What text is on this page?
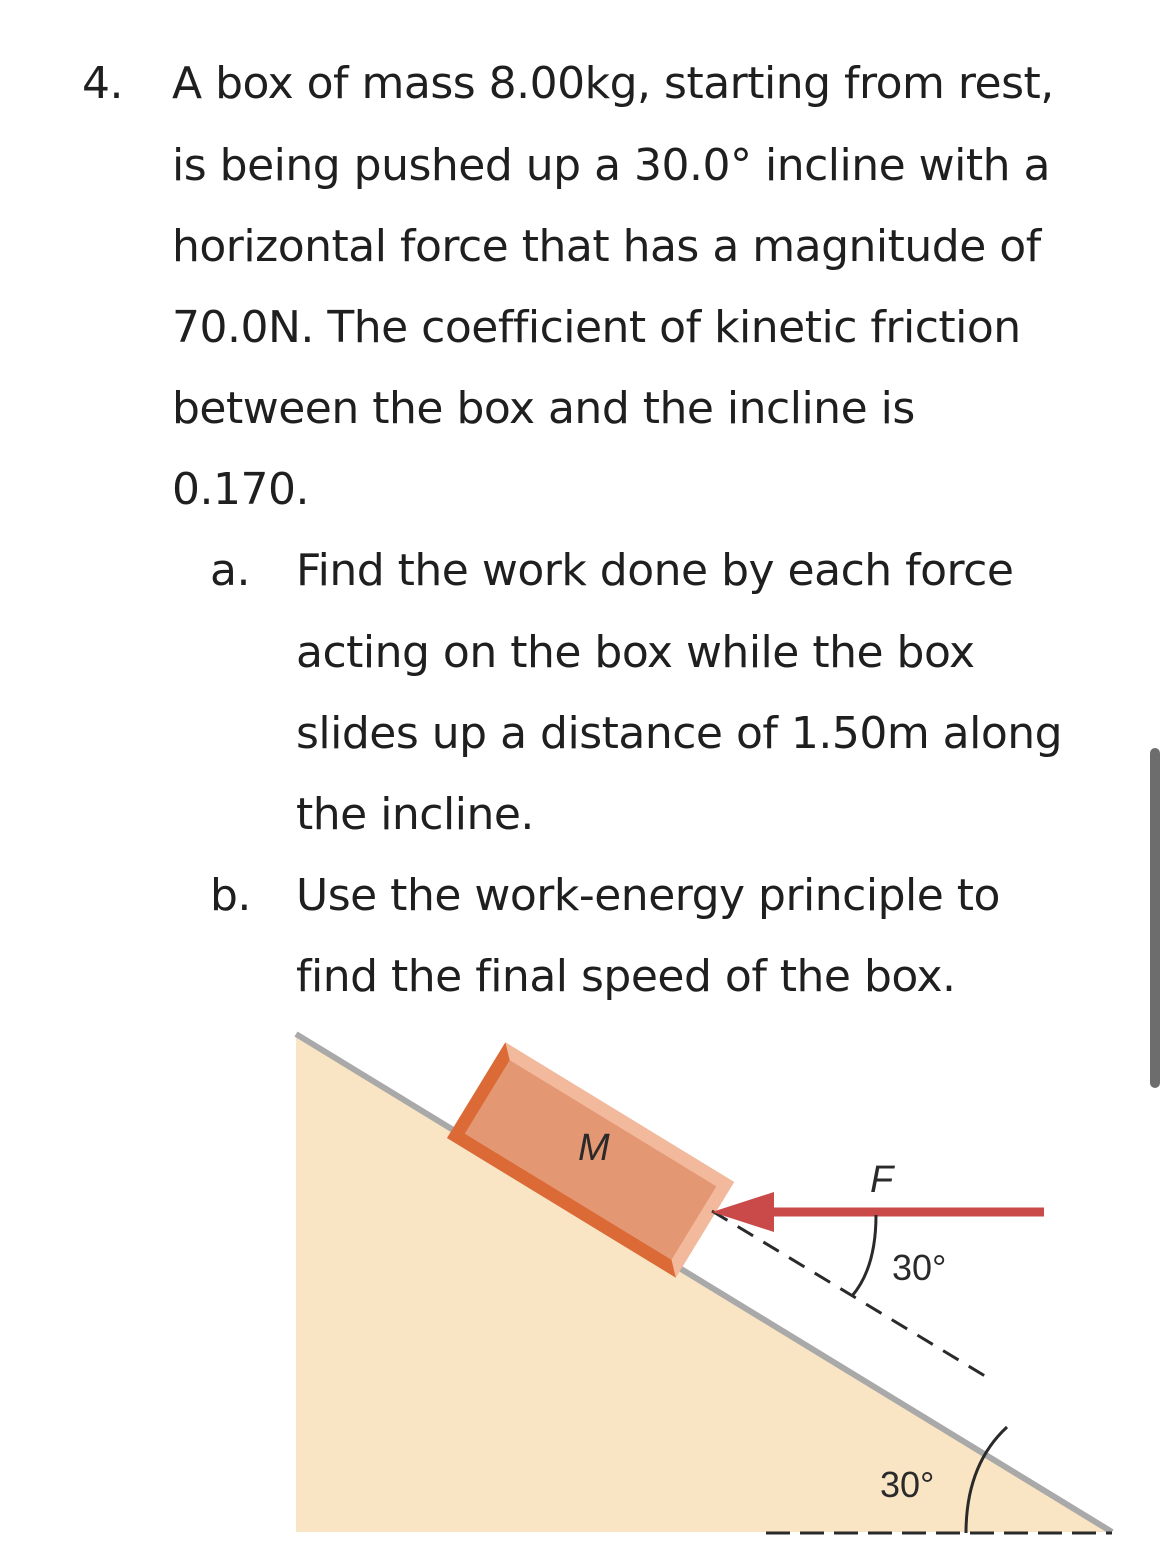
4. A box of mass 8.00kg, starting from rest,
is being pushed up a 30.0° incline with a
horizontal force that has a magnitude of
70.0N. The coefficient of kinetic friction
between the box and the incline is
0.170.
a. Find the work done by each force
acting on the box while the box
slides up a distance of 1.50m along
the incline.
b. Use the work-energy principle to
find the final speed of the box.
M
F
30°
30°
